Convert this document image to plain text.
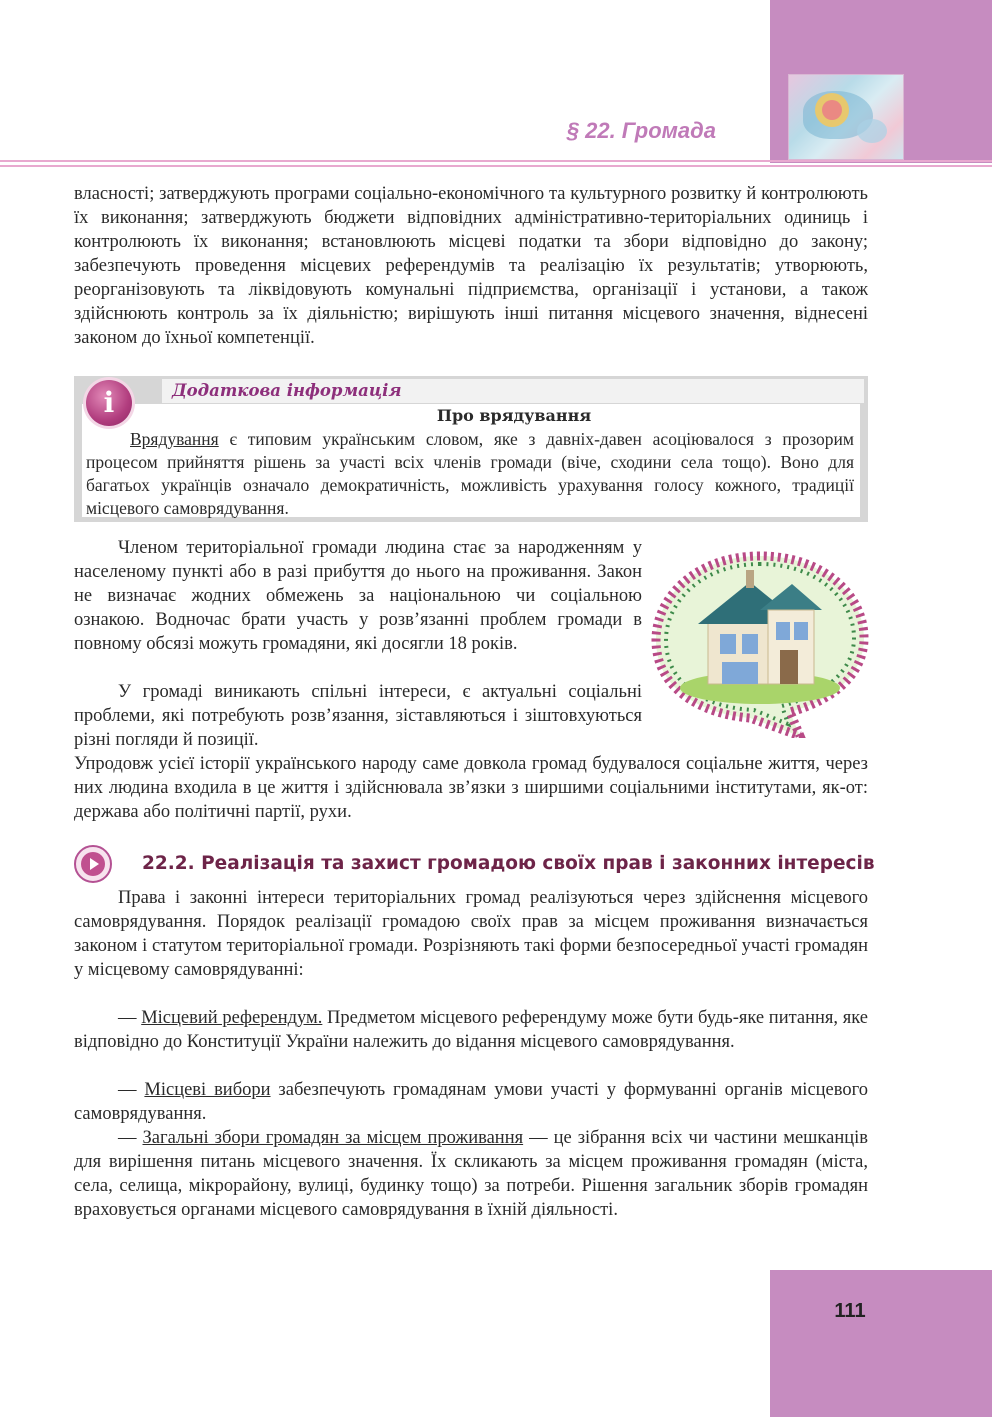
§ 22. Громада

власності; затверджують програми соціально-економічного та культурного розвитку й контролюють їх виконання; затверджують бюджети відповідних адміністративно-територіальних одиниць і контролюють їх виконання; встановлюють місцеві податки та збори відповідно до закону; забезпечують проведення місцевих референдумів та реалізацію їх результатів; утворюють, реорганізовують та ліквідовують комунальні підприємства, організації і установи, а також здійснюють контроль за їх діяльністю; вирішують інші питання місцевого значення, віднесені законом до їхньої компетенції.

i	Додаткова інформація
Про врядування

Врядування є типовим українським словом, яке з давніх-давен асоціювалося з прозорим процесом прийняття рішень за участі всіх членів громади (віче, сходини села тощо). Воно для багатьох українців означало демократичність, можливість урахування голосу кожного, традиції місцевого самоврядування.

Членом територіальної громади людина стає за народженням у населеному пункті або в разі прибуття до нього на проживання. Закон не визначає жодних обмежень за національною чи соціальною ознакою. Водночас брати участь у розв’язанні проблем громади в повному обсязі можуть громадяни, які досягли 18 років.

У громаді виникають спільні інтереси, є актуальні соціальні проблеми, які потребують розв’язання, зіставляються і зіштовхуються різні погляди й позиції.

Упродовж усієї історії українського народу саме довкола громад будувалося соціальне життя, через них людина входила в це життя і здійснювала зв’язки з ширшими соціальними інститутами, як-от: держава або політичні партії, рухи.

22.2. Реалізація та захист громадою своїх прав і законних інтересів

Права і законні інтереси територіальних громад реалізуються через здійснення місцевого самоврядування. Порядок реалізації громадою своїх прав за місцем проживання визначається законом і статутом територіальної громади. Розрізняють такі форми безпосередньої участі громадян у місцевому самоврядуванні:

— Місцевий референдум. Предметом місцевого референдуму може бути будь-яке питання, яке відповідно до Конституції України належить до відання місцевого самоврядування.

— Місцеві вибори забезпечують громадянам умови участі у формуванні органів місцевого самоврядування.

— Загальні збори громадян за місцем проживання — це зібрання всіх чи частини мешканців для вирішення питань місцевого значення. Їх скликають за місцем проживання громадян (міста, села, селища, мікрорайону, вулиці, будинку тощо) за потреби. Рішення загальник зборів громадян враховується органами місцевого самоврядування в їхній діяльності.

111
